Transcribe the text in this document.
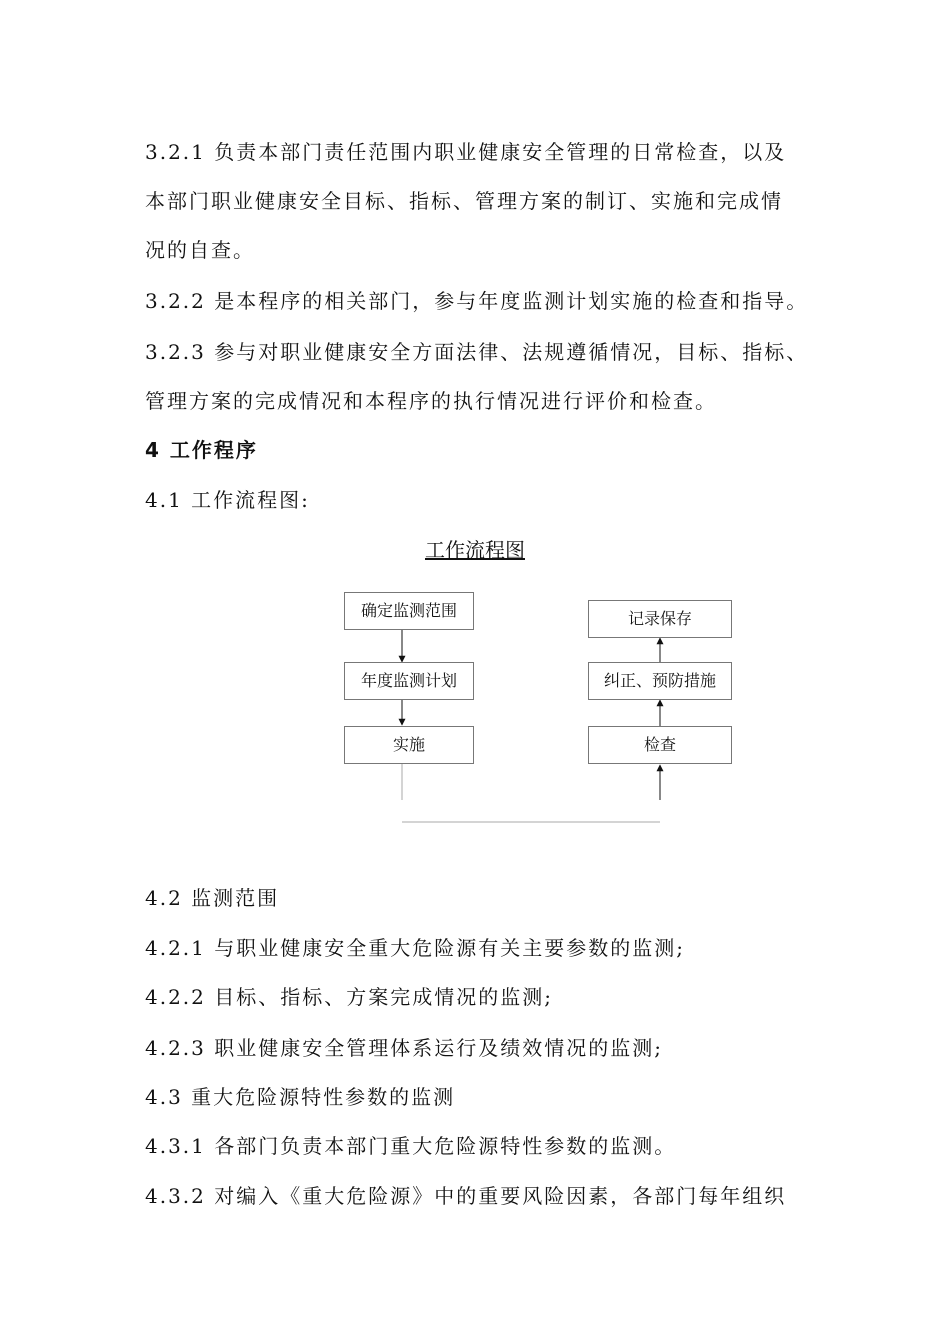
3.2.1 负责本部门责任范围内职业健康安全管理的日常检查，以及
本部门职业健康安全目标、指标、管理方案的制订、实施和完成情
况的自查。
3.2.2 是本程序的相关部门，参与年度监测计划实施的检查和指导。
3.2.3 参与对职业健康安全方面法律、法规遵循情况，目标、指标、
管理方案的完成情况和本程序的执行情况进行评价和检查。
4 工作程序
4.1 工作流程图:
工作流程图
确定监测范围
年度监测计划
实施
记录保存
纠正、预防措施
检查
4.2 监测范围
4.2.1 与职业健康安全重大危险源有关主要参数的监测;
4.2.2 目标、指标、方案完成情况的监测;
4.2.3 职业健康安全管理体系运行及绩效情况的监测;
4.3 重大危险源特性参数的监测
4.3.1 各部门负责本部门重大危险源特性参数的监测。
4.3.2 对编入《重大危险源》中的重要风险因素，各部门每年组织
